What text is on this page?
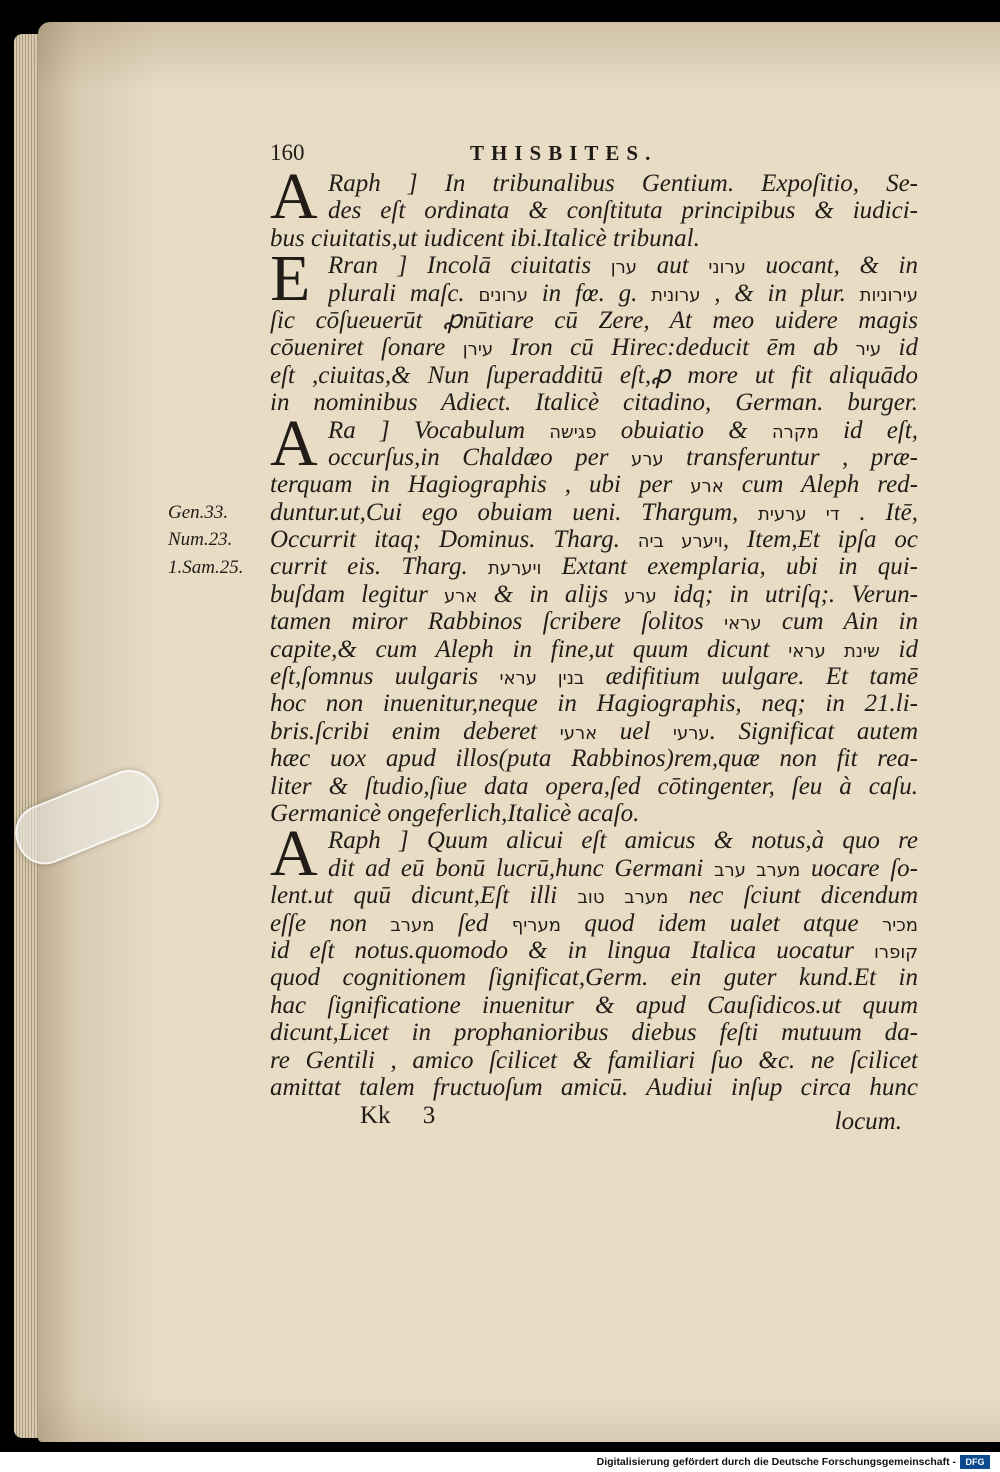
160	THISBITES.
A Raph ] In tribunalibus Gentium. Expoſitio, Se-
des eſt ordinata & conſtituta principibus & iudici-
bus ciuitatis,ut iudicent ibi.Italicè tribunal.
E Rran ] Incolā ciuitatis ערן aut ערוני uocant, & in
plurali maſc. ערונים in fœ. g. ערונית , & in plur. עירוניות
ſic cōſueuerūt ꝓnūtiare cū Zere, At meo uidere magis
cōueniret ſonare עירן Iron cū Hirec:deducit ēm ab עיר id
eſt ,ciuitas,& Nun ſuperadditū eſt,ꝓ more ut fit aliquādo
in nominibus Adiect. Italicè citadino, German. burger.
A Ra ] Vocabulum פגישה obuiatio & מקרה id eſt,
occurſus,in Chaldæo per ערע transferuntur , præ-
terquam in Hagiographis , ubi per ארע cum Aleph red-
duntur.ut,Cui ego obuiam ueni. Thargum, די ערעית . Itē,
Occurrit itaq; Dominus. Tharg. ויערע ביה, Item,Et ipſa oc
currit eis. Tharg. ויערעת Extant exemplaria, ubi in qui-
buſdam legitur ארע & in alijs ערע idq; in utriſq;. Verun-
tamen miror Rabbinos ſcribere ſolitos עראי cum Ain in
capite,& cum Aleph in fine,ut quum dicunt שינת עראי id
eſt,ſomnus uulgaris בנין עראי ædifitium uulgare. Et tamē
hoc non inuenitur,neque in Hagiographis, neq; in 21.li-
bris.ſcribi enim deberet ארעי uel ערעי. Significat autem
hæc uox apud illos(puta Rabbinos)rem,quæ non fit rea-
liter & ſtudio,ſiue data opera,ſed cōtingenter, ſeu à caſu.
Germanicè ongeferlich,Italicè acaſo.
A Raph ] Quum alicui eſt amicus & notus,à quo re
dit ad eū bonū lucrū,hunc Germani מערב ערב uocare ſo-
lent.ut quū dicunt,Eſt illi מערב טוב nec ſciunt dicendum
eſſe non מערב ſed מעריף quod idem ualet atque מכיר
id eſt notus.quomodo & in lingua Italica uocatur קופרו
quod cognitionem ſignificat,Germ. ein guter kund.Et in
hac ſignificatione inuenitur & apud Cauſidicos.ut quum
dicunt,Licet in prophanioribus diebus feſti mutuum da-
re Gentili , amico ſcilicet & familiari ſuo &c. ne ſcilicet
amittat talem fructuoſum amicū. Audiui inſup circa hunc
Kk 3	locum.
Gen.33.
Num.23.
1.Sam.25.
Digitalisierung gefördert durch die Deutsche Forschungsgemeinschaft -	DFG
